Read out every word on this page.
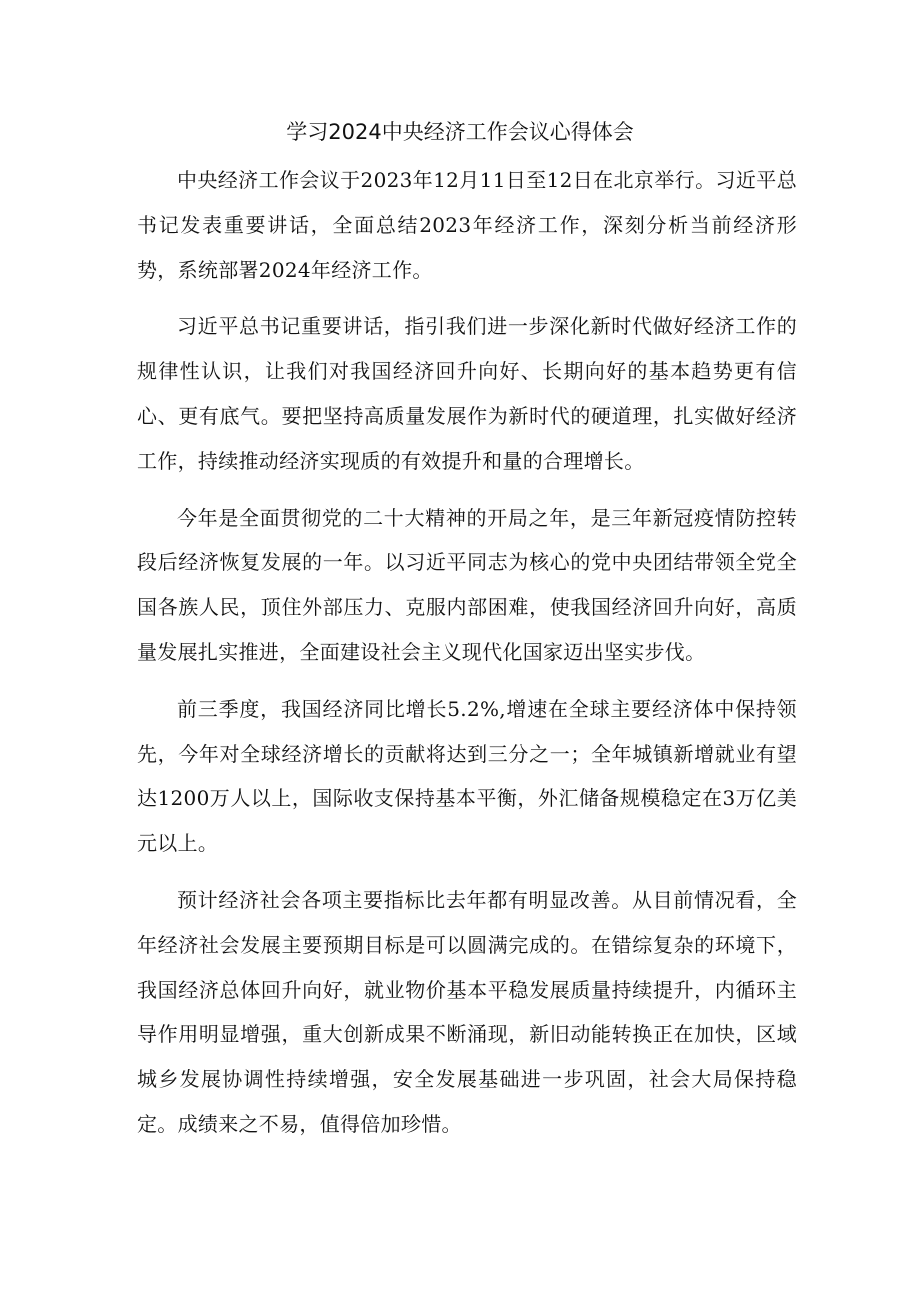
学习2024中央经济工作会议心得体会

中央经济工作会议于2023年12月11日至12日在北京举行。习近平总书记发表重要讲话，全面总结2023年经济工作，深刻分析当前经济形势，系统部署2024年经济工作。

习近平总书记重要讲话，指引我们进一步深化新时代做好经济工作的规律性认识，让我们对我国经济回升向好、长期向好的基本趋势更有信心、更有底气。要把坚持高质量发展作为新时代的硬道理，扎实做好经济工作，持续推动经济实现质的有效提升和量的合理增长。

今年是全面贯彻党的二十大精神的开局之年，是三年新冠疫情防控转段后经济恢复发展的一年。以习近平同志为核心的党中央团结带领全党全国各族人民，顶住外部压力、克服内部困难，使我国经济回升向好，高质量发展扎实推进，全面建设社会主义现代化国家迈出坚实步伐。

前三季度，我国经济同比增长5.2%,增速在全球主要经济体中保持领先，今年对全球经济增长的贡献将达到三分之一；全年城镇新增就业有望达1200万人以上，国际收支保持基本平衡，外汇储备规模稳定在3万亿美元以上。

预计经济社会各项主要指标比去年都有明显改善。从目前情况看，全年经济社会发展主要预期目标是可以圆满完成的。在错综复杂的环境下，我国经济总体回升向好，就业物价基本平稳发展质量持续提升，内循环主导作用明显增强，重大创新成果不断涌现，新旧动能转换正在加快，区域城乡发展协调性持续增强，安全发展基础进一步巩固，社会大局保持稳定。成绩来之不易，值得倍加珍惜。
